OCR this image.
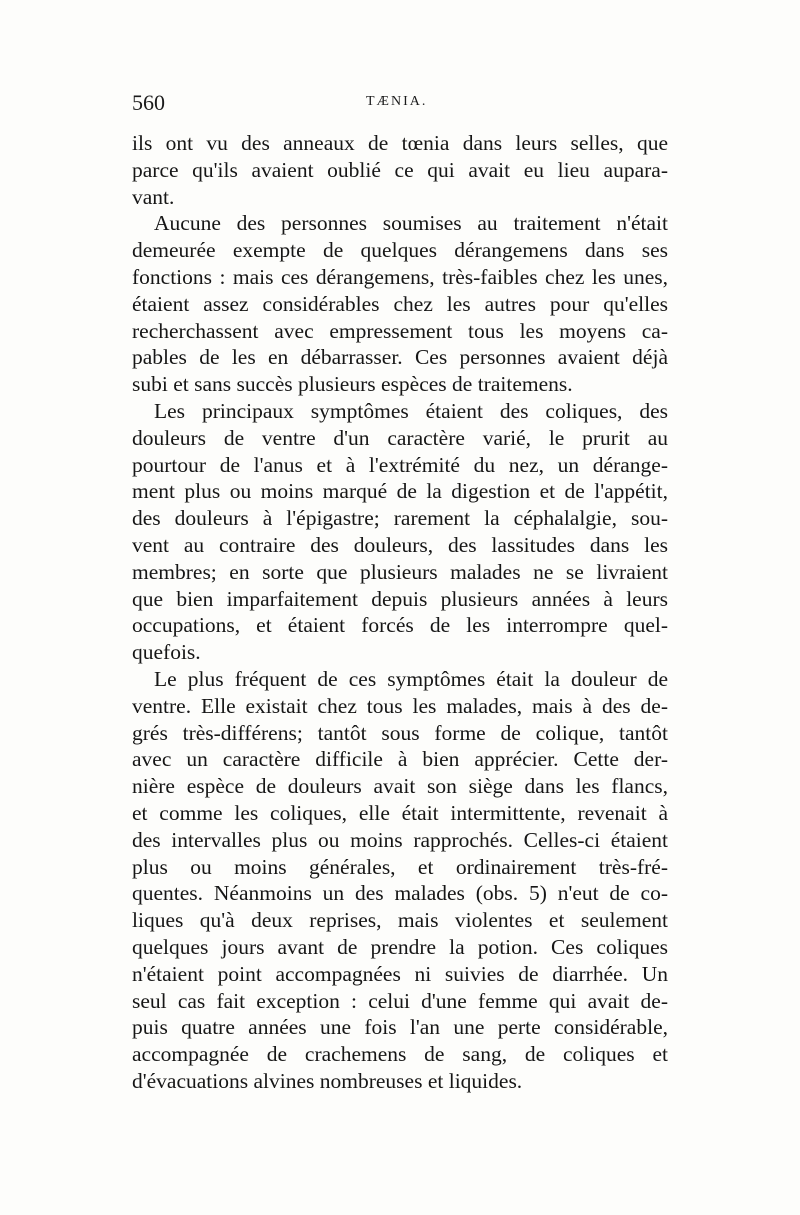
560	TÆNIA.
ils ont vu des anneaux de tœnia dans leurs selles, que
parce qu'ils avaient oublié ce qui avait eu lieu aupara-
vant.
Aucune des personnes soumises au traitement n'était
demeurée exempte de quelques dérangemens dans ses
fonctions : mais ces dérangemens, très-faibles chez les unes,
étaient assez considérables chez les autres pour qu'elles
recherchassent avec empressement tous les moyens ca-
pables de les en débarrasser. Ces personnes avaient déjà
subi et sans succès plusieurs espèces de traitemens.
Les principaux symptômes étaient des coliques, des
douleurs de ventre d'un caractère varié, le prurit au
pourtour de l'anus et à l'extrémité du nez, un dérange-
ment plus ou moins marqué de la digestion et de l'appétit,
des douleurs à l'épigastre; rarement la céphalalgie, sou-
vent au contraire des douleurs, des lassitudes dans les
membres; en sorte que plusieurs malades ne se livraient
que bien imparfaitement depuis plusieurs années à leurs
occupations, et étaient forcés de les interrompre quel-
quefois.
Le plus fréquent de ces symptômes était la douleur de
ventre. Elle existait chez tous les malades, mais à des de-
grés très-différens; tantôt sous forme de colique, tantôt
avec un caractère difficile à bien apprécier. Cette der-
nière espèce de douleurs avait son siège dans les flancs,
et comme les coliques, elle était intermittente, revenait à
des intervalles plus ou moins rapprochés. Celles-ci étaient
plus ou moins générales, et ordinairement très-fré-
quentes. Néanmoins un des malades (obs. 5) n'eut de co-
liques qu'à deux reprises, mais violentes et seulement
quelques jours avant de prendre la potion. Ces coliques
n'étaient point accompagnées ni suivies de diarrhée. Un
seul cas fait exception : celui d'une femme qui avait de-
puis quatre années une fois l'an une perte considérable,
accompagnée de crachemens de sang, de coliques et
d'évacuations alvines nombreuses et liquides.
